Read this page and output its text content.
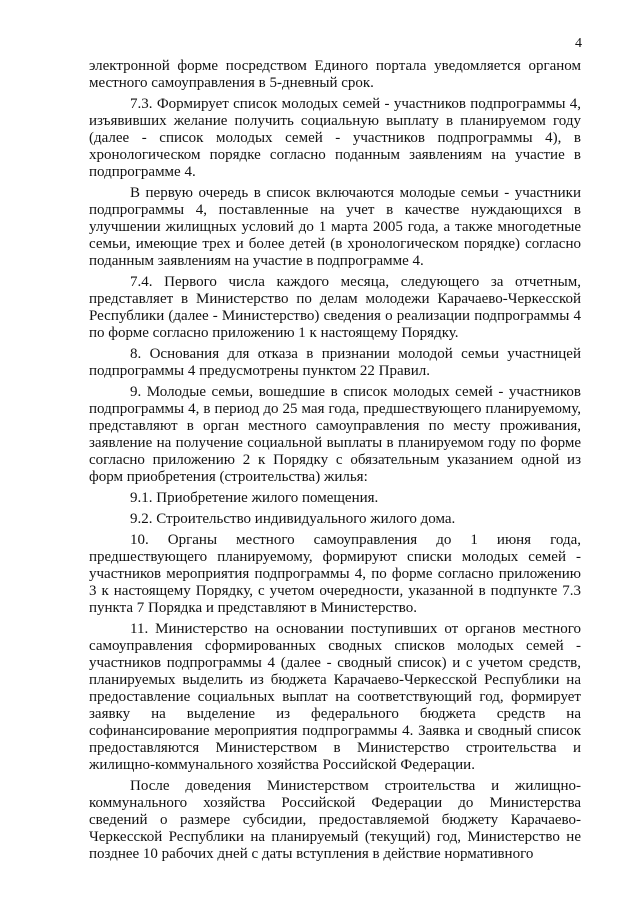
4

электронной форме посредством Единого портала уведомляется органом местного самоуправления в 5-дневный срок.

7.3. Формирует список молодых семей - участников подпрограммы 4, изъявивших желание получить социальную выплату в планируемом году (далее - список молодых семей - участников подпрограммы 4), в хронологическом порядке согласно поданным заявлениям на участие в подпрограмме 4.

В первую очередь в список включаются молодые семьи - участники подпрограммы 4, поставленные на учет в качестве нуждающихся в улучшении жилищных условий до 1 марта 2005 года, а также многодетные семьи, имеющие трех и более детей (в хронологическом порядке) согласно поданным заявлениям на участие в подпрограмме 4.

7.4. Первого числа каждого месяца, следующего за отчетным, представляет в Министерство по делам молодежи Карачаево-Черкесской Республики (далее - Министерство) сведения о реализации подпрограммы 4 по форме согласно приложению 1 к настоящему Порядку.

8. Основания для отказа в признании молодой семьи участницей подпрограммы 4 предусмотрены пунктом 22 Правил.

9. Молодые семьи, вошедшие в список молодых семей - участников подпрограммы 4, в период до 25 мая года, предшествующего планируемому, представляют в орган местного самоуправления по месту проживания, заявление на получение социальной выплаты в планируемом году по форме согласно приложению 2 к Порядку с обязательным указанием одной из форм приобретения (строительства) жилья:

9.1. Приобретение жилого помещения.

9.2. Строительство индивидуального жилого дома.

10. Органы местного самоуправления до 1 июня года, предшествующего планируемому, формируют списки молодых семей - участников мероприятия подпрограммы 4, по форме согласно приложению 3 к настоящему Порядку, с учетом очередности, указанной в подпункте 7.3 пункта 7 Порядка и представляют в Министерство.

11. Министерство на основании поступивших от органов местного самоуправления сформированных сводных списков молодых семей - участников подпрограммы 4 (далее - сводный список) и с учетом средств, планируемых выделить из бюджета Карачаево-Черкесской Республики на предоставление социальных выплат на соответствующий год, формирует заявку на выделение из федерального бюджета средств на софинансирование мероприятия подпрограммы 4. Заявка и сводный список предоставляются Министерством в Министерство строительства и жилищно-коммунального хозяйства Российской Федерации.

После доведения Министерством строительства и жилищно-коммунального хозяйства Российской Федерации до Министерства сведений о размере субсидии, предоставляемой бюджету Карачаево-Черкесской Республики на планируемый (текущий) год, Министерство не позднее 10 рабочих дней с даты вступления в действие нормативного
